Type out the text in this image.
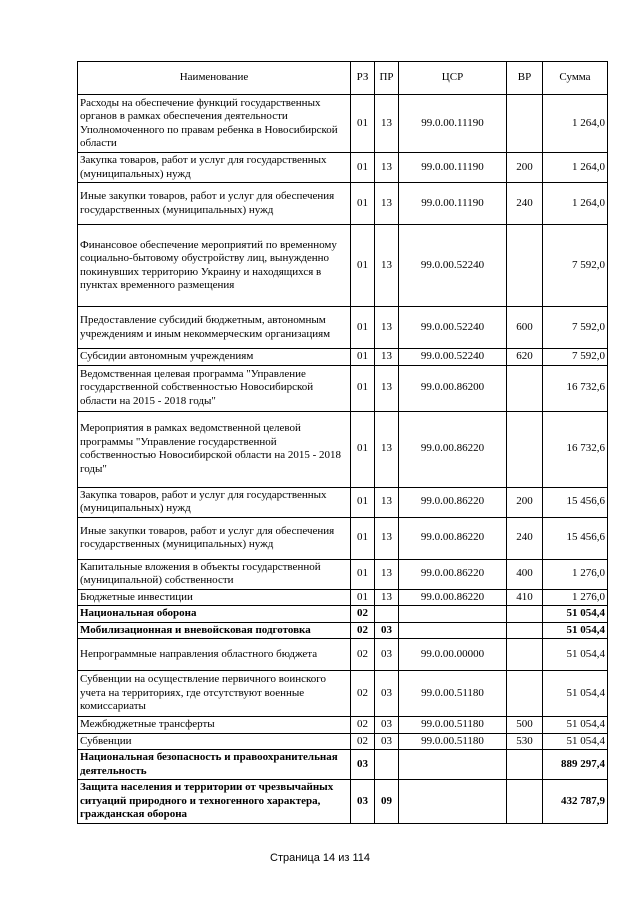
Наименование	РЗ	ПР	ЦСР	ВР	Сумма
Расходы на обеспечение функций государственных органов в рамках обеспечения деятельности Уполномоченного по правам ребенка в Новосибирской области	01	13	99.0.00.11190		1 264,0
Закупка товаров, работ и услуг для государственных (муниципальных) нужд	01	13	99.0.00.11190	200	1 264,0
Иные закупки товаров, работ и услуг для обеспечения государственных (муниципальных) нужд	01	13	99.0.00.11190	240	1 264,0
Финансовое обеспечение мероприятий по временному социально-бытовому обустройству лиц, вынужденно покинувших территорию Украину и находящихся в пунктах временного размещения	01	13	99.0.00.52240		7 592,0
Предоставление субсидий бюджетным, автономным учреждениям и иным некоммерческим организациям	01	13	99.0.00.52240	600	7 592,0
Субсидии автономным учреждениям	01	13	99.0.00.52240	620	7 592,0
Ведомственная целевая программа "Управление государственной собственностью Новосибирской области на 2015 - 2018 годы"	01	13	99.0.00.86200		16 732,6
Мероприятия в рамках ведомственной целевой программы "Управление государственной собственностью Новосибирской области на 2015 - 2018 годы"	01	13	99.0.00.86220		16 732,6
Закупка товаров, работ и услуг для государственных (муниципальных) нужд	01	13	99.0.00.86220	200	15 456,6
Иные закупки товаров, работ и услуг для обеспечения государственных (муниципальных) нужд	01	13	99.0.00.86220	240	15 456,6
Капитальные вложения в объекты государственной (муниципальной) собственности	01	13	99.0.00.86220	400	1 276,0
Бюджетные инвестиции	01	13	99.0.00.86220	410	1 276,0
Национальная оборона	02				51 054,4
Мобилизационная и вневойсковая подготовка	02	03			51 054,4
Непрограммные направления областного бюджета	02	03	99.0.00.00000		51 054,4
Субвенции на осуществление первичного воинского учета на территориях, где отсутствуют военные комиссариаты	02	03	99.0.00.51180		51 054,4
Межбюджетные трансферты	02	03	99.0.00.51180	500	51 054,4
Субвенции	02	03	99.0.00.51180	530	51 054,4
Национальная безопасность и правоохранительная деятельность	03				889 297,4
Защита населения и территории от чрезвычайных ситуаций природного и техногенного характера, гражданская оборона	03	09			432 787,9
Страница 14 из 114
